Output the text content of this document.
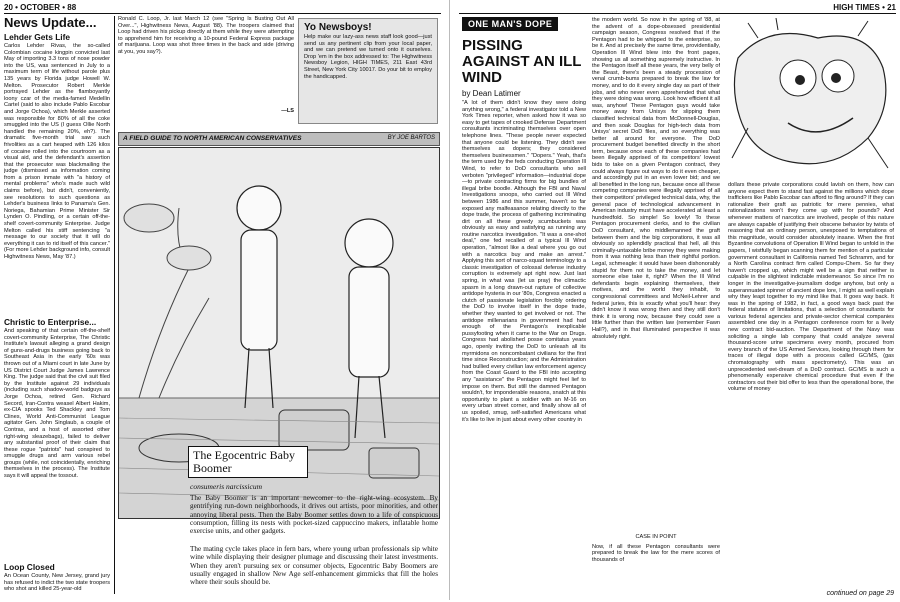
20 • OCTOBER • 88
News Update...
Lehder Gets Life
Carlos Lehder Rivas, the so-called Colombian cocaine kingpin convicted last May of importing 3.3 tons of nose powder into the US, was sentenced in July to a maximum term of life without parole plus 135 years by Florida judge Howell W. Melton. Prosecutor Robert Merkle portrayed Lehder as the flamboyantly loony czar of the media-famed Medellin Cartel (said to also include Pablo Escobar and Jorge Ochoa), which Merkle asserted was responsible for 80% of all the coke smuggled into the US (I guess Ollie North handled the remaining 20%, eh?). The dramatic five-month trial saw such frivolities as a cart heaped with 126 kilos of cocaine rolled into the courtroom as a visual aid, and the defendant's assertion that the prosecutor was blackmailing the judge (dismissed as information coming from a prison inmate with "a history of mental problems" who's made such wild claims before), but didn't, conveniently, see resolutions to such questions as Lehder's business links to Panama's Gen. Noriega, Bahamian Prime Minister Sir Lynden O. Pindling, or a certain off-the-shelf covert-community Enterprise. Judge Melton called his stiff sentencing "a message to our society that it will do everything it can to rid itself of this cancer." (For more Lehder background info, consult Highwitness News, May '87.)
Christic to Enterprise...
And speaking of that certain off-the-shelf covert-community Enterprise, The Christic Institute's lawsuit alleging a grand design of guns-and-drugs business going back to Southeast Asia in the early '60s was thrown out of a Miami court in late June by US District Court Judge James Lawrence King. The judge said that the civil suit filed by the Institute against 29 individuals (including such shadow-world badguys as Jorge Ochoa, retired Gen. Richard Secord, Iran-Contra weasel Albert Hakim, ex-CIA spooks Ted Shackley and Tom Clines, World Anti-Communist League agitator Gen. John Singlaub, a couple of Contras, and a host of assorted other right-wing sleazebags), failed to deliver any substantial proof of their claim that these rogue "patriots" had conspired to smuggle drugs and arm various rebel groups (while, not coincidentally, enriching themselves in the process). The Institute says it will appeal the tossout.
Loop Closed
An Ocean County, New Jersey, grand jury has refused to indict the two state troopers who shot and killed 25-year-old
Ronald C. Loop, Jr. last March 12 (see "Spring Is Busting Out All Over...", Highwitness News, August '88). The troopers claimed that Loop had driven his pickup directly at them while they were attempting to apprehend him for receiving a 10-pound Federal Express package of marijuana. Loop was shot three times in the back and side (driving at you, you say?).
—LS
Yo Newsboys!
Help make our lazy-ass news staff look good—just send us any pertinent clip from your local paper, and we can pretend we turned onto it ourselves. Drop 'em in the box addressed to: The Highwitness Newsboy Legion, HIGH TIMES, 211 East 43rd Street, New York City 10017. Do your bit to employ the handicapped.
A FIELD GUIDE TO NORTH AMERICAN CONSERVATIVES	BY JOE BARTOS
The Egocentric Baby Boomer
consumeris narcissicum

The Baby Boomer is an important newcomer to the right-wing ecosystem. By gentrifying run-down neighborhoods, it drives out artists, poor minorities, and other annoying liberal pests. Then the Baby Boomer settles down to a life of conspicuous consumption, filling its nests with pocket-sized cappuccino makers, inflatable home exercise units, and other gadgets.

The mating cycle takes place in fern bars, where young urban professionals sip white wine while displaying their designer plumage and discussing their latest investments. When they aren't pursuing sex or consumer objects, Egocentric Baby Boomers are usually engaged in shallow New Age self-enhancement gimmicks that fill the holes where their souls should be.

HIGH TIMES • 21
ONE MAN'S DOPE
PISSING AGAINST AN ILL WIND
by Dean Latimer
"A lot of them didn't know they were doing anything wrong," a federal investigator told a New York Times reporter, when asked how it was so easy to get tapes of crooked Defense Department consultants incriminating themselves over open telephone lines. "These people never expected that anyone could be listening. They didn't see themselves as dopers; they considered themselves businessmen." "Dopers." Yeah, that's the term used by the feds conducting Operation Ill Wind, to refer to DoD consultants who sell verboten "privileged" information—industrial dope—to private contracting firms for big bundles of illegal bribe boodle. Although the FBI and Naval Investigations snoops, who carried out Ill Wind between 1986 and this summer, haven't so far exposed any malfeasance relating directly to the dope trade, the process of gathering incriminating dirt on all these greedy scumbuckets was obviously as easy and satisfying as running any routine narcotics investigation. "It was a one-shot deal," one fed recalled of a typical Ill Wind operation, "almost like a deal where you go out with a narcotics buy and make an arrest." Applying this sort of narco-squad terminology to a classic investigation of colossal defense industry corruption is extremely apt right now. Just last spring, in what was (let us pray) the climactic spasm in a long drawn-out rapture of collective antidope hysteria in our '80s, Congress enacted a clutch of passionate legislation forcibly ordering the DoD to involve itself in the dope trade, whether they wanted to get involved or not. The antidope millenarians in government had had enough of the Pentagon's inexplicable pussyfooting when it came to the War on Drugs. Congress had abolished posse comitatus years ago, openly inviting the DoD to unleash all its myrmidons on noncombatant civilians for the first time since Reconstruction; and the Administration had bullied every civilian law enforcement agency from the Coast Guard to the FBI into accepting any "assistance" the Pentagon might feel lief to impose on them. But still the damned Pentagon wouldn't, for imponderable reasons, snatch at this opportunity to plant a soldier with an M-16 on every urban street corner, and finally show all of us spoiled, smug, self-satisfied Americans what it's like to live in just about every other country in
the modern world. So now in the spring of '88, at the advent of a dope-obsessed presidential campaign season, Congress resolved that if the Pentagon had to be whipped to the enterprise, so be it. And at precisely the same time, providentially, Operation Ill Wind blew into the front pages, showing us all something supremely instructive. In the Pentagon itself all these years, the very belly of the Beast, there's been a steady procession of venal crumb-bums prepared to break the law for money, and to do it every single day as part of their jobs, and who never even apprehended that what they were doing was wrong. Look how efficient it all was, anyhow! These Pentagon guys would take money away from Unisys for slipping them classified technical data from McDonnell-Douglas, and then soak Douglas for high-tech data from Unisys' secret DoD files, and so everything was better all around for everyone. The DoD procurement budget benefited directly in the short term, because once each of these companies had been illegally apprised of its competitors' lowest bids to take on a given Pentagon contract, they could always figure out ways to do it even cheaper, and accordingly put in an even lower bid; and we all benefited in the long run, because once all these competing companies were illegally apprised of all their competitors' privileged technical data, why, the general pace of technological advancement in American industry must have accelerated at least a hundredfold. So simple! So lovely! To these Pentagon procurement clerks, and to the civilian DoD consultant, who middlemanned the graft between them and the big corporations, it was all obviously so splendidly practical that hell, all this criminally-untaxable bribe money they were making from it was nothing less than their rightful portion. Legal, schmeagle: it would have been dishonorably stupid for them not to take the money, and let someone else take it, right? When the Ill Wind defendants begin explaining themselves, their motives, and the world they inhabit, to congressional committees and McNeil-Lehrer and federal juries, this is exactly what you'll hear: they didn't know it was wrong then and they still don't think it is wrong now, because they could see a little further than the written law (remember Fawn Hall?), and in that illuminated perspective it was absolutely right.
CASE IN POINT
Now, if all these Pentagon consultants were prepared to break the law for the mere scores of thousands of
dollars these private corporations could lavish on them, how can anyone expect them to stand fast against the millions which dope traffickers like Pablo Escobar can afford to fling around? If they can rationalize their graft as patriotic for mere pennies, what rationalizations won't they come up with for pounds? And whenever matters of narcotics are involved, people of this nature are always capable of justifying their obscene behavior by twists of reasoning that an ordinary person, unexposed to temptations of this magnitude, would consider absolutely insane. When the first Byzantine convolutions of Operation Ill Wind began to unfold in the papers, I wistfully began scanning them for mention of a particular government consultant in California named Ted Schramm, and for a North Carolina contract firm called Compu-Chem. So far they haven't cropped up, which might well be a sign that neither is culpable in the slightest indictable misdemeanor. So since I'm no longer in the investigative-journalism dodge anyhow, but only a superannuated spinner of ancient dope lore, I might as well explain why they leapt together to my mind like that. It goes way back. It was in the spring of 1982, in fact, a good ways back past the federal statutes of limitations, that a selection of consultants for various federal agencies and private-sector chemical companies assembled one day in a Pentagon conference room for a lively new contract bid-auction. The Department of the Navy was soliciting a single lab company that could analyze several thousand-score urine specimens every month, procured from every branch of the US Armed Services, looking through them for traces of illegal dope with a process called GC/MS, (gas chromatography with mass spectrometry). This was an unprecedented wet-dream of a DoD contract. GC/MS is such a phenomenally expensive chemical procedure that even if the contractors out their bid offer to less than the operational bone, the volume of money
continued on page 29
